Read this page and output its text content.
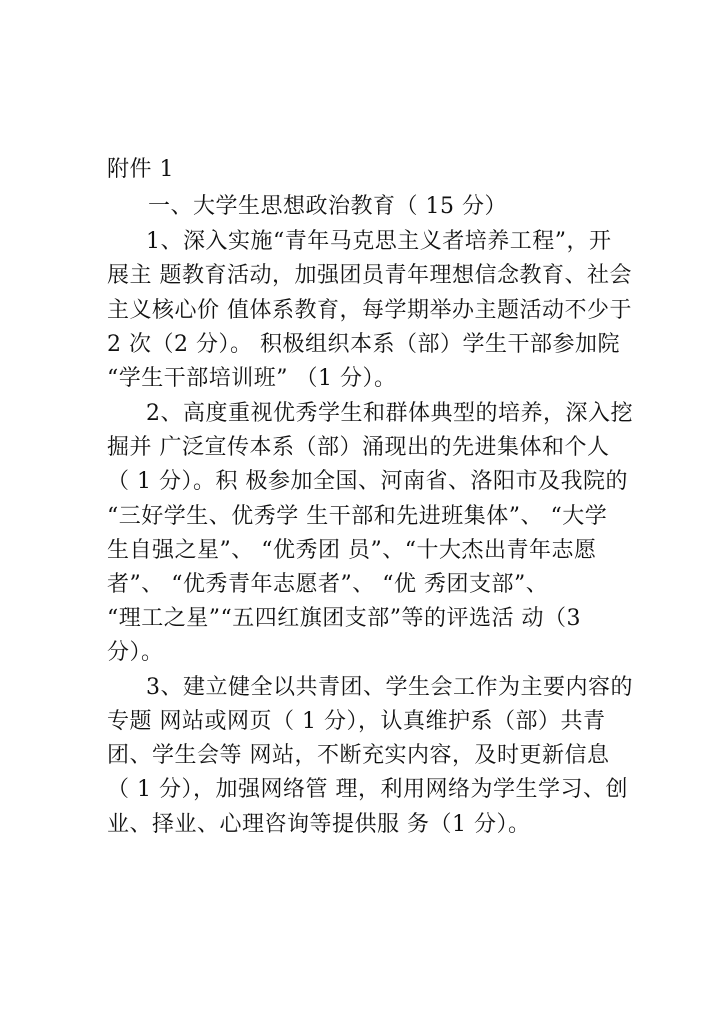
附件 1
一、大学生思想政治教育（ 15 分）
1、深入实施“青年马克思主义者培养工程”，开
展主 题教育活动，加强团员青年理想信念教育、社会
主义核心价 值体系教育，每学期举办主题活动不少于
2 次（2 分）。 积极组织本系（部）学生干部参加院
“学生干部培训班” （1 分）。
2、高度重视优秀学生和群体典型的培养，深入挖
掘并 广泛宣传本系（部）涌现出的先进集体和个人
（ 1 分）。积 极参加全国、河南省、洛阳市及我院的
“三好学生、优秀学 生干部和先进班集体”、 “大学
生自强之星”、 “优秀团 员”、“十大杰出青年志愿
者”、 “优秀青年志愿者”、 “优 秀团支部”、
“理工之星”“五四红旗团支部”等的评选活 动（3
分）。
3、建立健全以共青团、学生会工作为主要内容的
专题 网站或网页（ 1 分），认真维护系（部）共青
团、学生会等 网站，不断充实内容，及时更新信息
（ 1 分），加强网络管 理，利用网络为学生学习、创
业、择业、心理咨询等提供服 务（1 分）。
